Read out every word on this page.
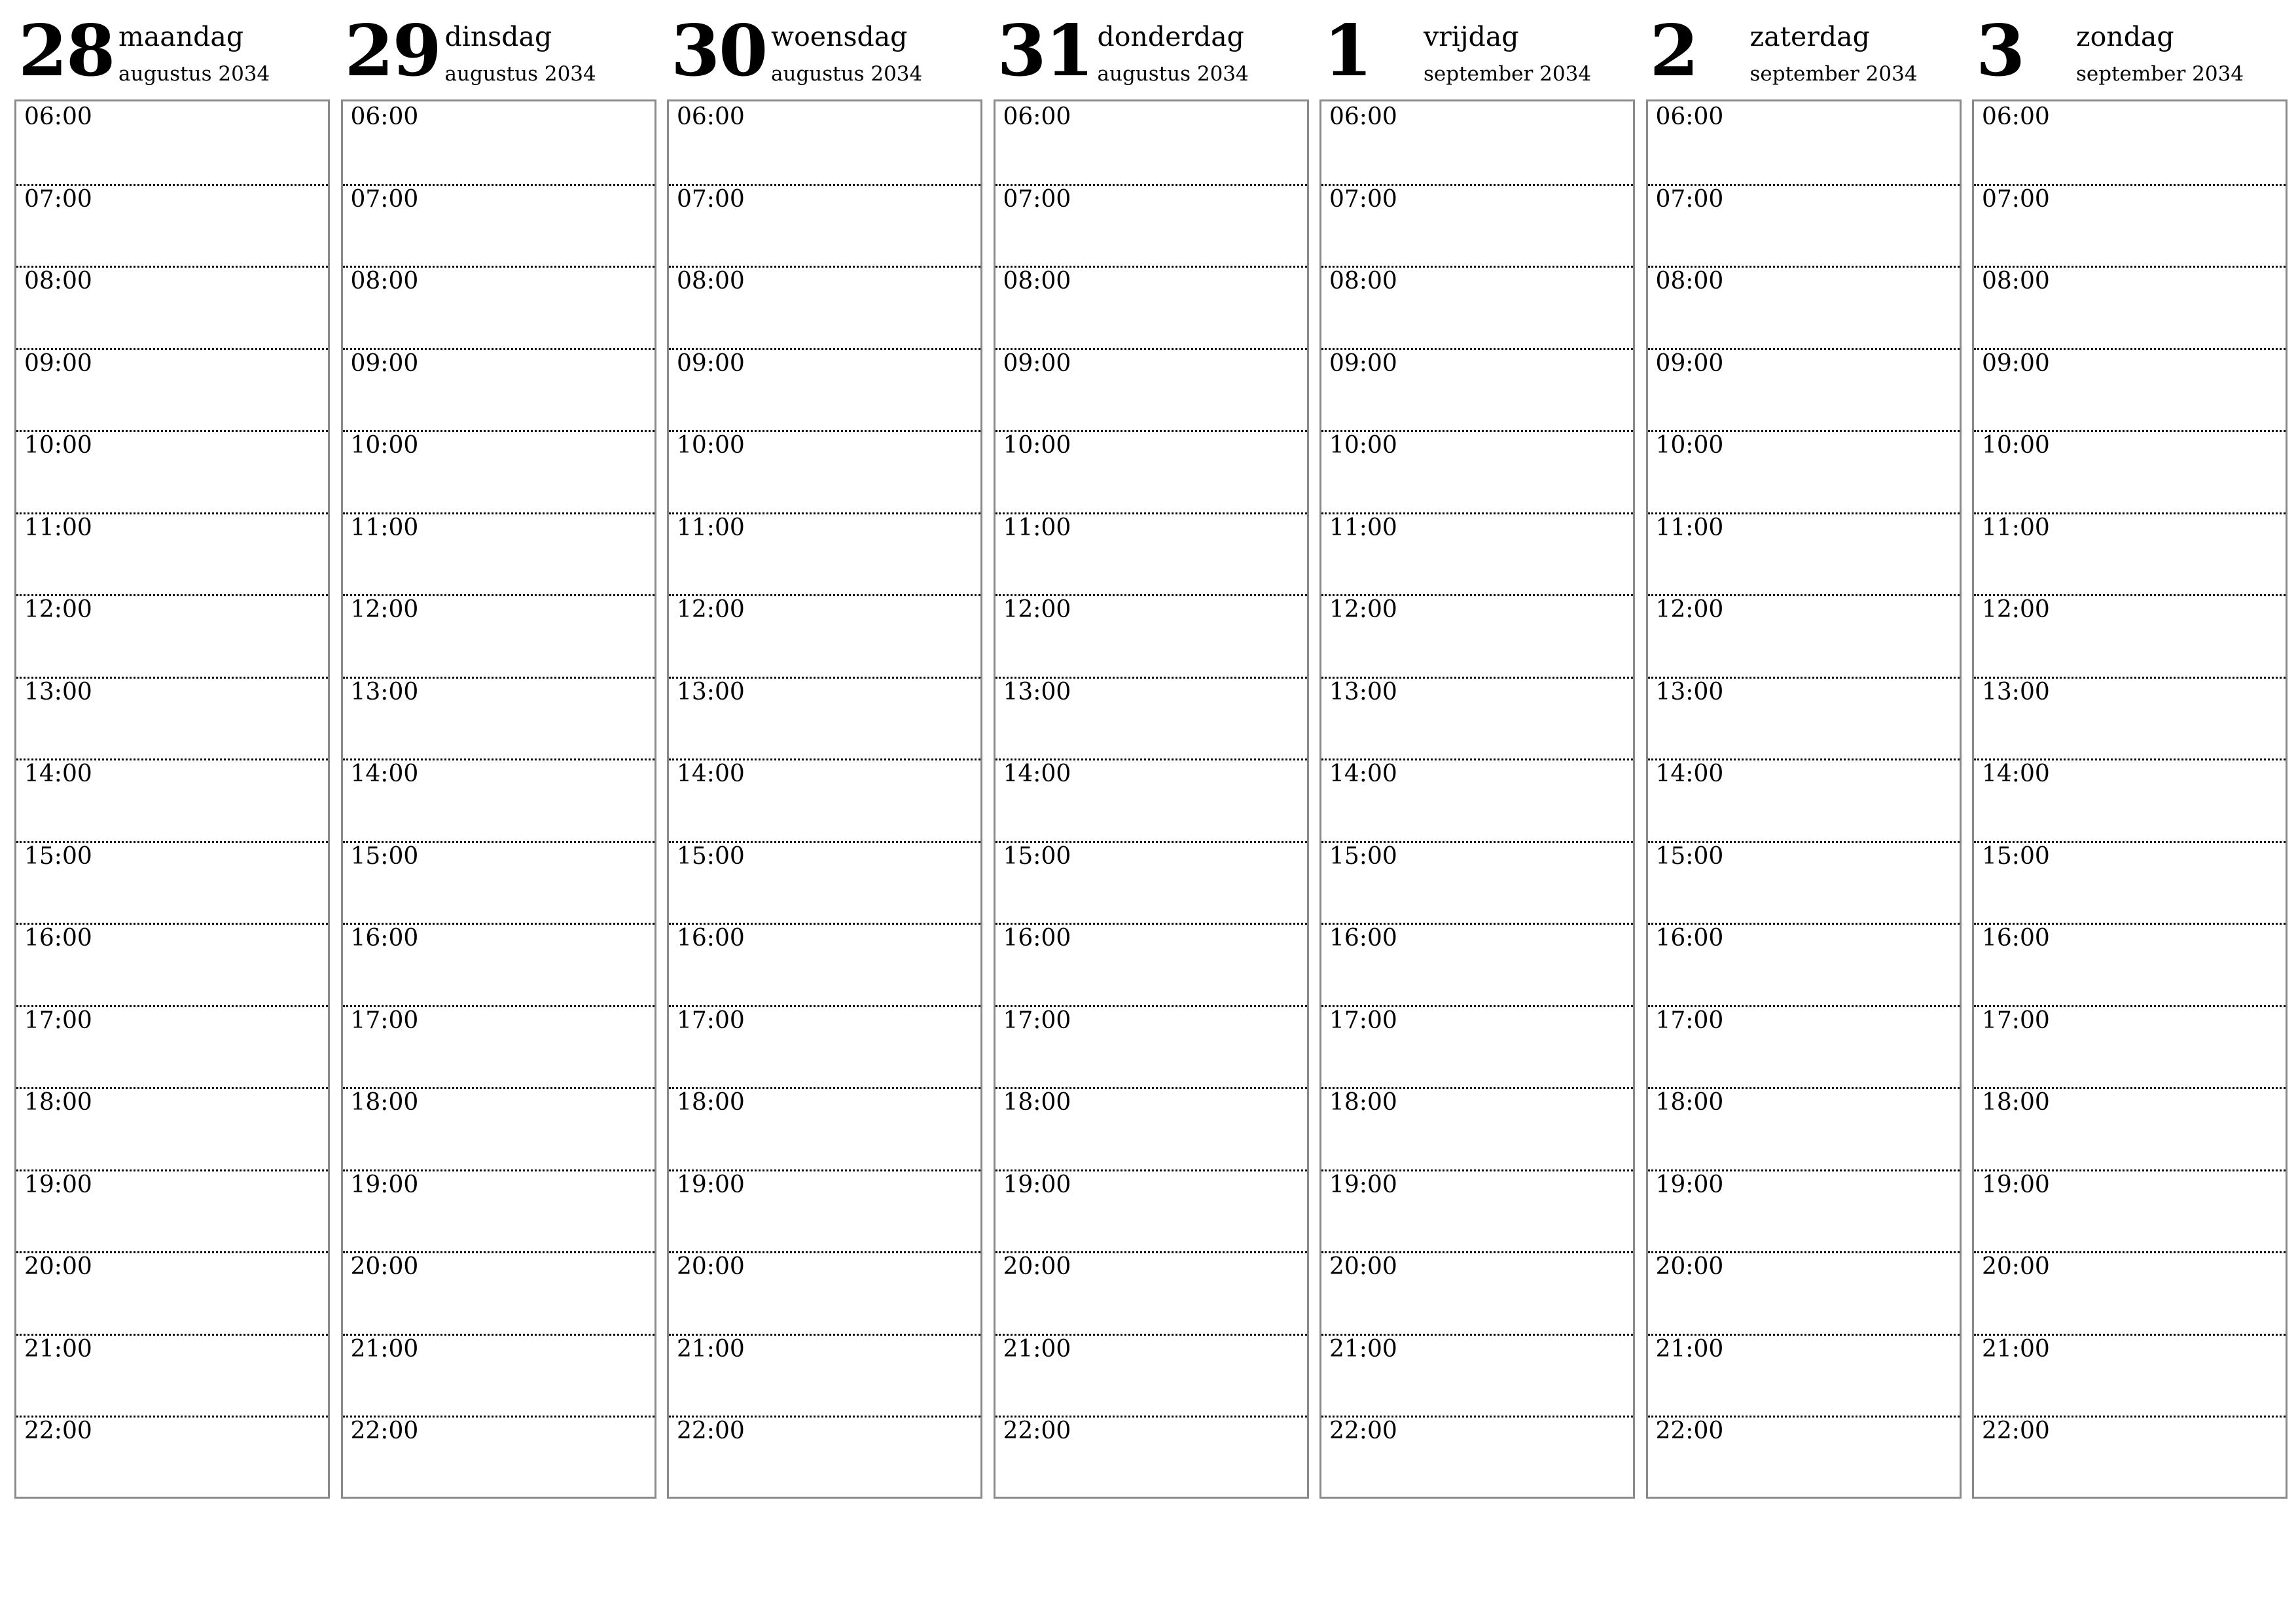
28 maandag
augustus 2034
06:00
07:00
08:00
09:00
10:00
11:00
12:00
13:00
14:00
15:00
16:00
17:00
18:00
19:00
20:00
21:00
22:00
29 dinsdag
augustus 2034
06:00
07:00
08:00
09:00
10:00
11:00
12:00
13:00
14:00
15:00
16:00
17:00
18:00
19:00
20:00
21:00
22:00
30 woensdag
augustus 2034
06:00
07:00
08:00
09:00
10:00
11:00
12:00
13:00
14:00
15:00
16:00
17:00
18:00
19:00
20:00
21:00
22:00
31 donderdag
augustus 2034
06:00
07:00
08:00
09:00
10:00
11:00
12:00
13:00
14:00
15:00
16:00
17:00
18:00
19:00
20:00
21:00
22:00
1 vrijdag
september 2034
06:00
07:00
08:00
09:00
10:00
11:00
12:00
13:00
14:00
15:00
16:00
17:00
18:00
19:00
20:00
21:00
22:00
2 zaterdag
september 2034
06:00
07:00
08:00
09:00
10:00
11:00
12:00
13:00
14:00
15:00
16:00
17:00
18:00
19:00
20:00
21:00
22:00
3 zondag
september 2034
06:00
07:00
08:00
09:00
10:00
11:00
12:00
13:00
14:00
15:00
16:00
17:00
18:00
19:00
20:00
21:00
22:00
